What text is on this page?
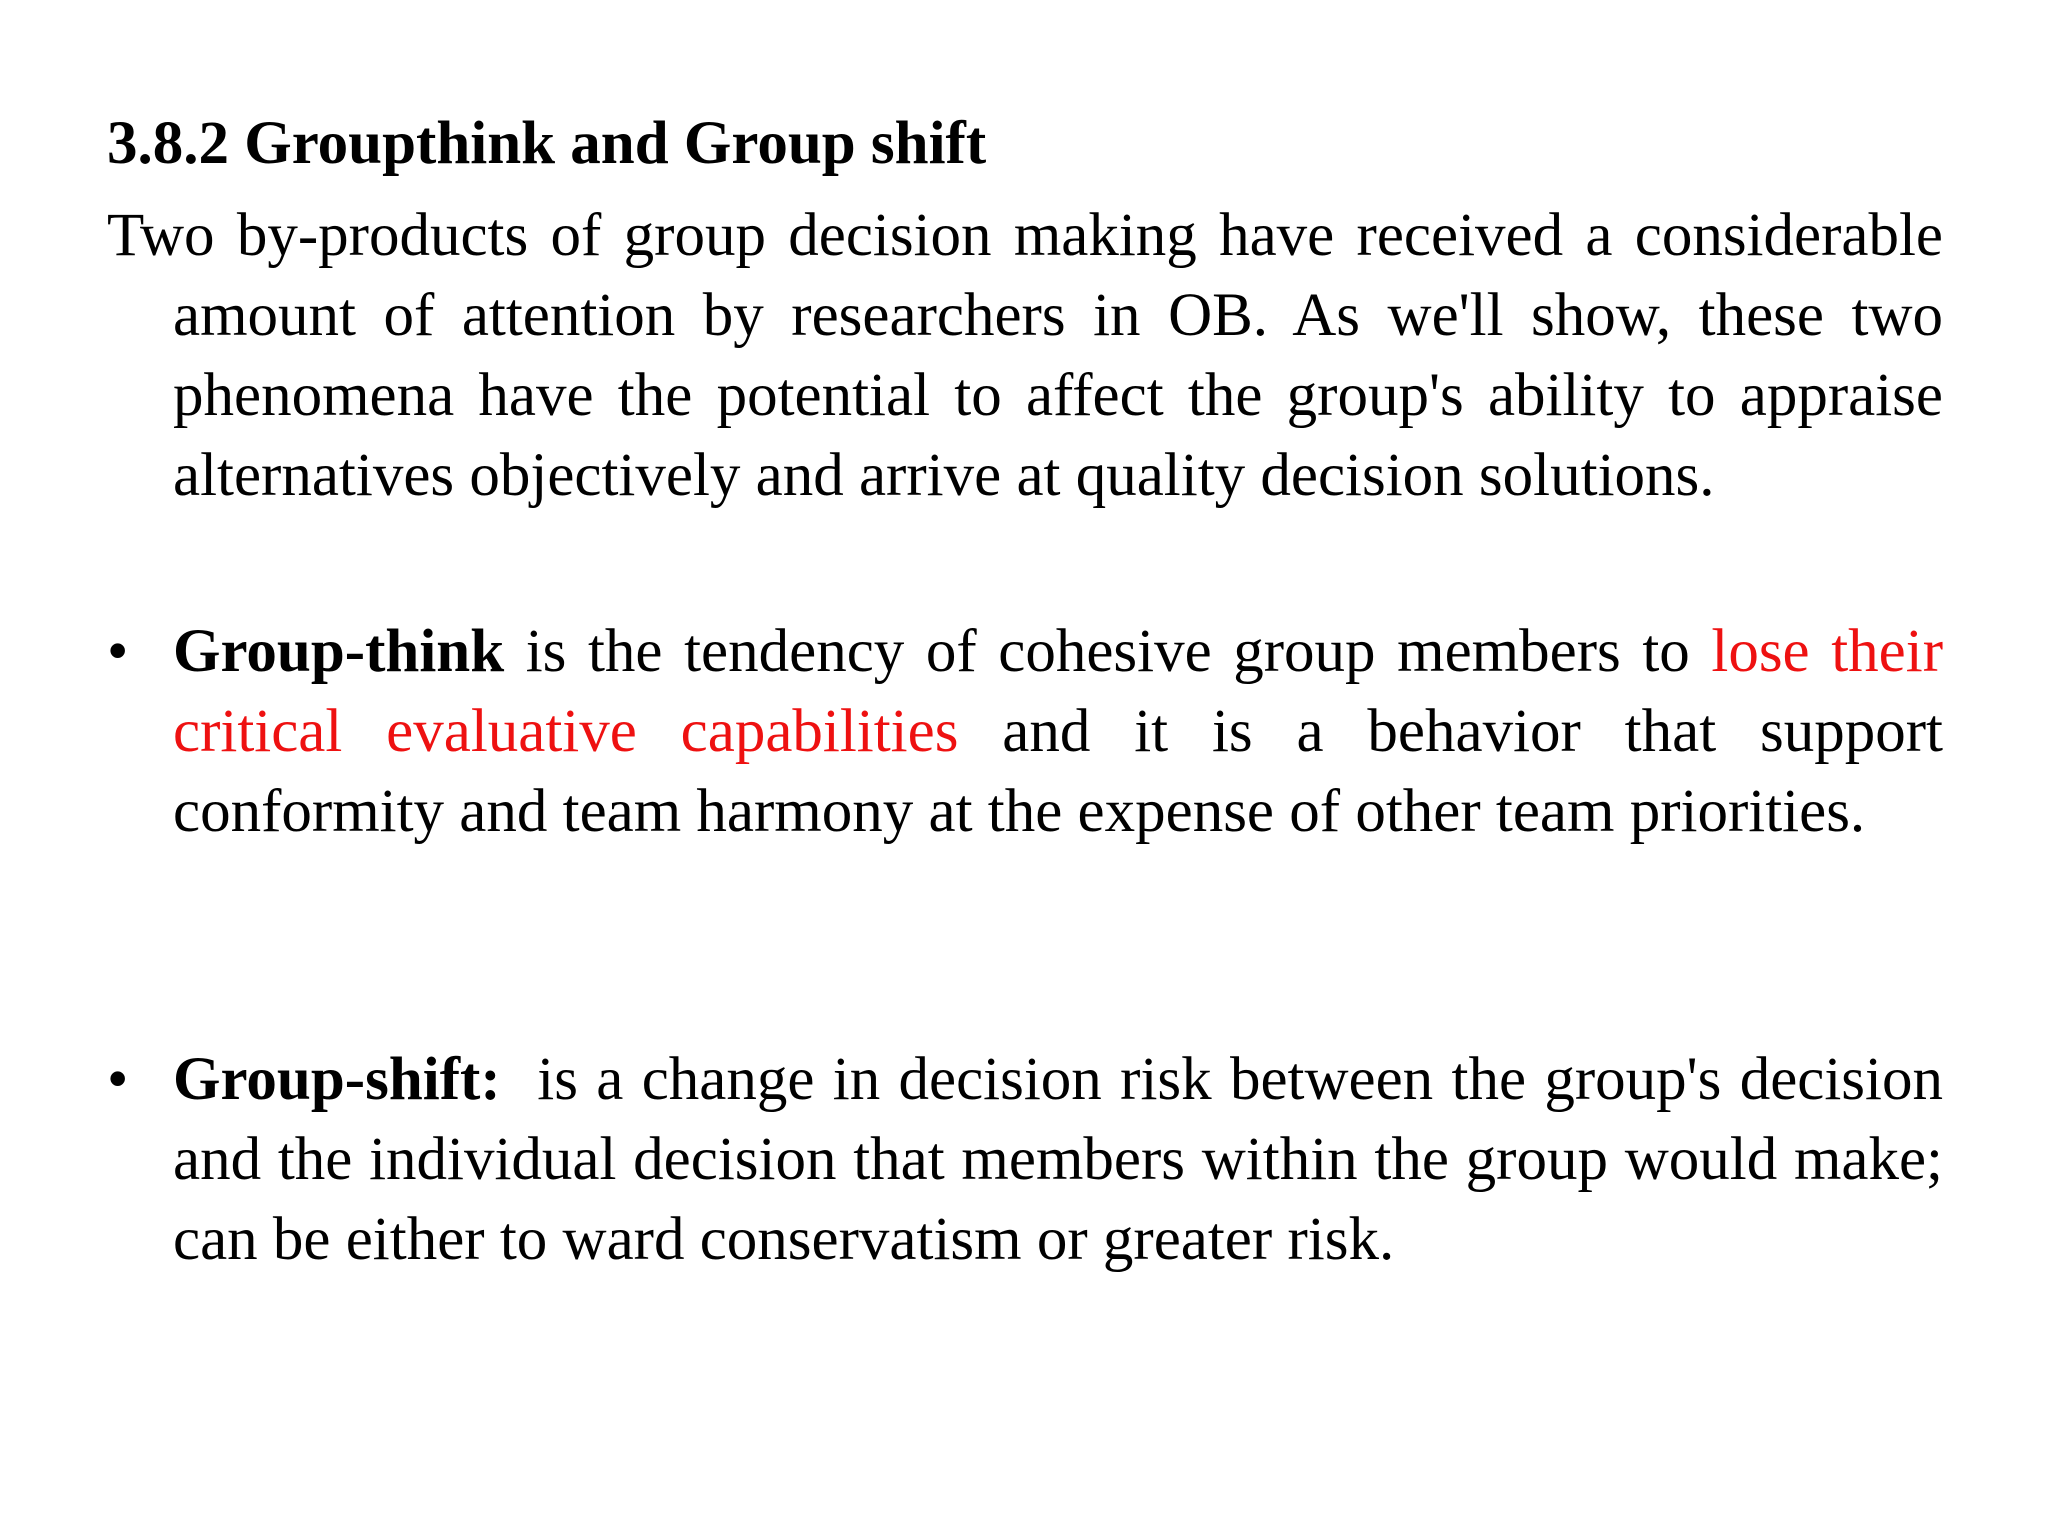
3.8.2 Groupthink and Group shift
Two by-products of group decision making have received a considerable amount of attention by researchers in OB. As we'll show, these two phenomena have the potential to affect the group's ability to appraise alternatives objectively and arrive at quality decision solutions.
• Group-think is the tendency of cohesive group members to lose their critical evaluative capabilities and it is a behavior that support conformity and team harmony at the expense of other team priorities.
• Group-shift:  is a change in decision risk between the group's decision and the individual decision that members within the group would make; can be either to ward conservatism or greater risk.
